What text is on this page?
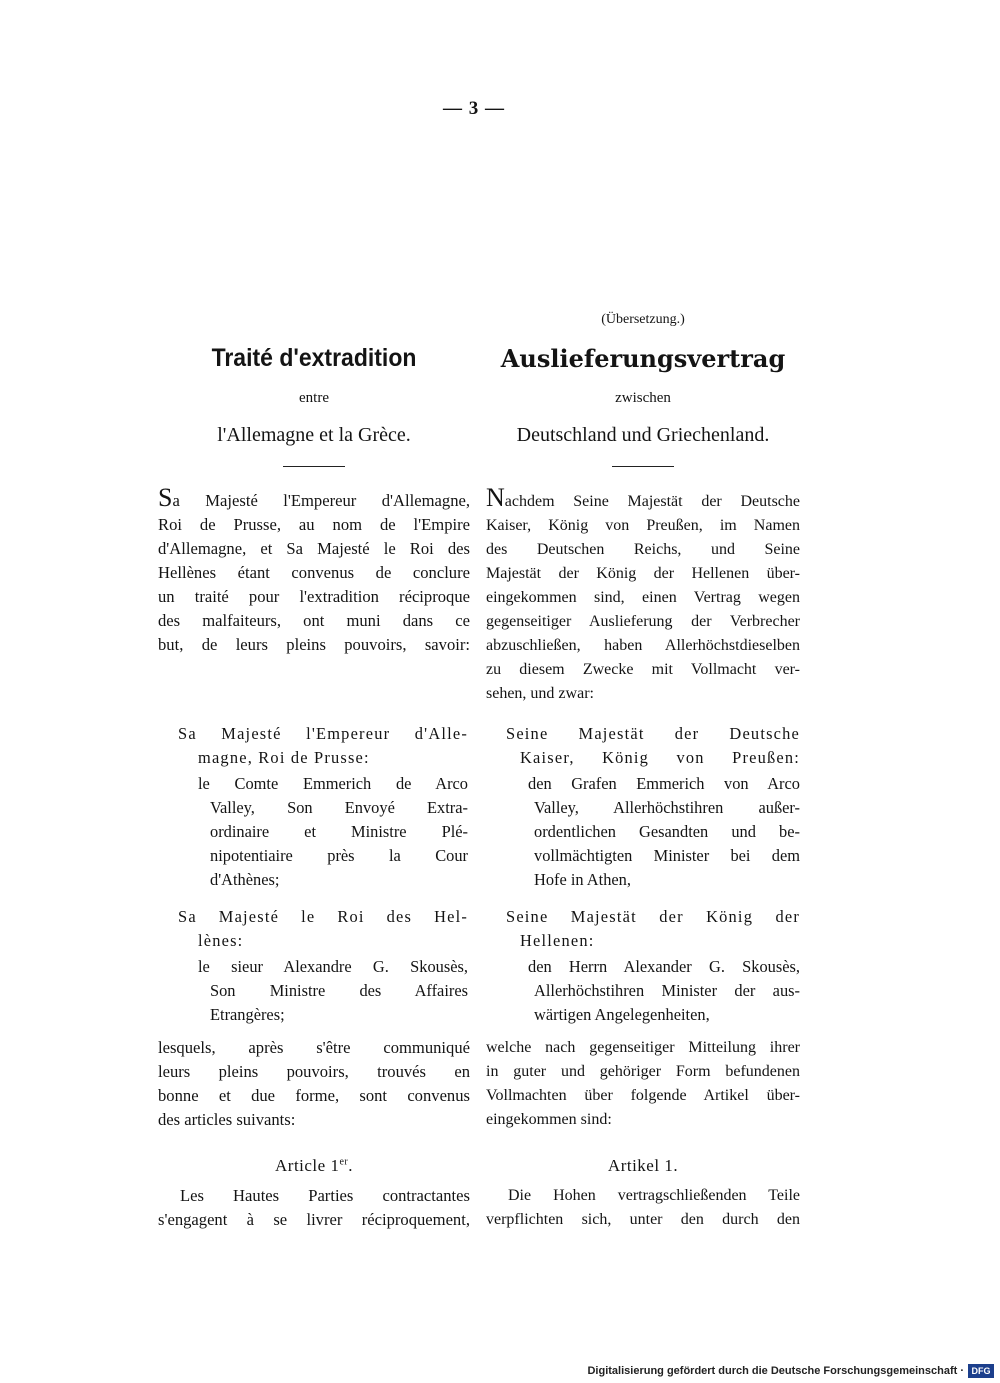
— 3 —
Traité d'extradition
entre
l'Allemagne et la Grèce.
Sa Majesté l'Empereur d'Allemagne,
Roi de Prusse, au nom de l'Empire
d'Allemagne, et Sa Majesté le Roi des
Hellènes étant convenus de conclure
un traité pour l'extradition réciproque
des malfaiteurs, ont muni dans ce
but, de leurs pleins pouvoirs, savoir:
Sa Majesté l'Empereur d'Alle-
magne, Roi de Prusse:
le Comte Emmerich de Arco
Valley, Son Envoyé Extra-
ordinaire et Ministre Plé-
nipotentiaire près la Cour
d'Athènes;
Sa Majesté le Roi des Hel-
lènes:
le sieur Alexandre G. Skousès,
Son Ministre des Affaires
Etrangères;
lesquels, après s'être communiqué
leurs pleins pouvoirs, trouvés en
bonne et due forme, sont convenus
des articles suivants:
Article 1er.
Les Hautes Parties contractantes
s'engagent à se livrer réciproquement,
(Übersetzung.)
Auslieferungsvertrag
zwischen
Deutschland und Griechenland.
Nachdem Seine Majestät der Deutsche
Kaiser, König von Preußen, im Namen
des Deutschen Reichs, und Seine
Majestät der König der Hellenen über-
eingekommen sind, einen Vertrag wegen
gegenseitiger Auslieferung der Verbrecher
abzuschließen, haben Allerhöchstdieselben
zu diesem Zwecke mit Vollmacht ver-
sehen, und zwar:
Seine Majestät der Deutsche
Kaiser, König von Preußen:
den Grafen Emmerich von Arco
Valley, Allerhöchstihren außer-
ordentlichen Gesandten und be-
vollmächtigten Minister bei dem
Hofe in Athen,
Seine Majestät der König der
Hellenen:
den Herrn Alexander G. Skousès,
Allerhöchstihren Minister der aus-
wärtigen Angelegenheiten,
welche nach gegenseitiger Mitteilung ihrer
in guter und gehöriger Form befundenen
Vollmachten über folgende Artikel über-
eingekommen sind:
Artikel 1.
Die Hohen vertragschließenden Teile
verpflichten sich, unter den durch den
Digitalisierung gefördert durch die Deutsche Forschungsgemeinschaft · DFG
